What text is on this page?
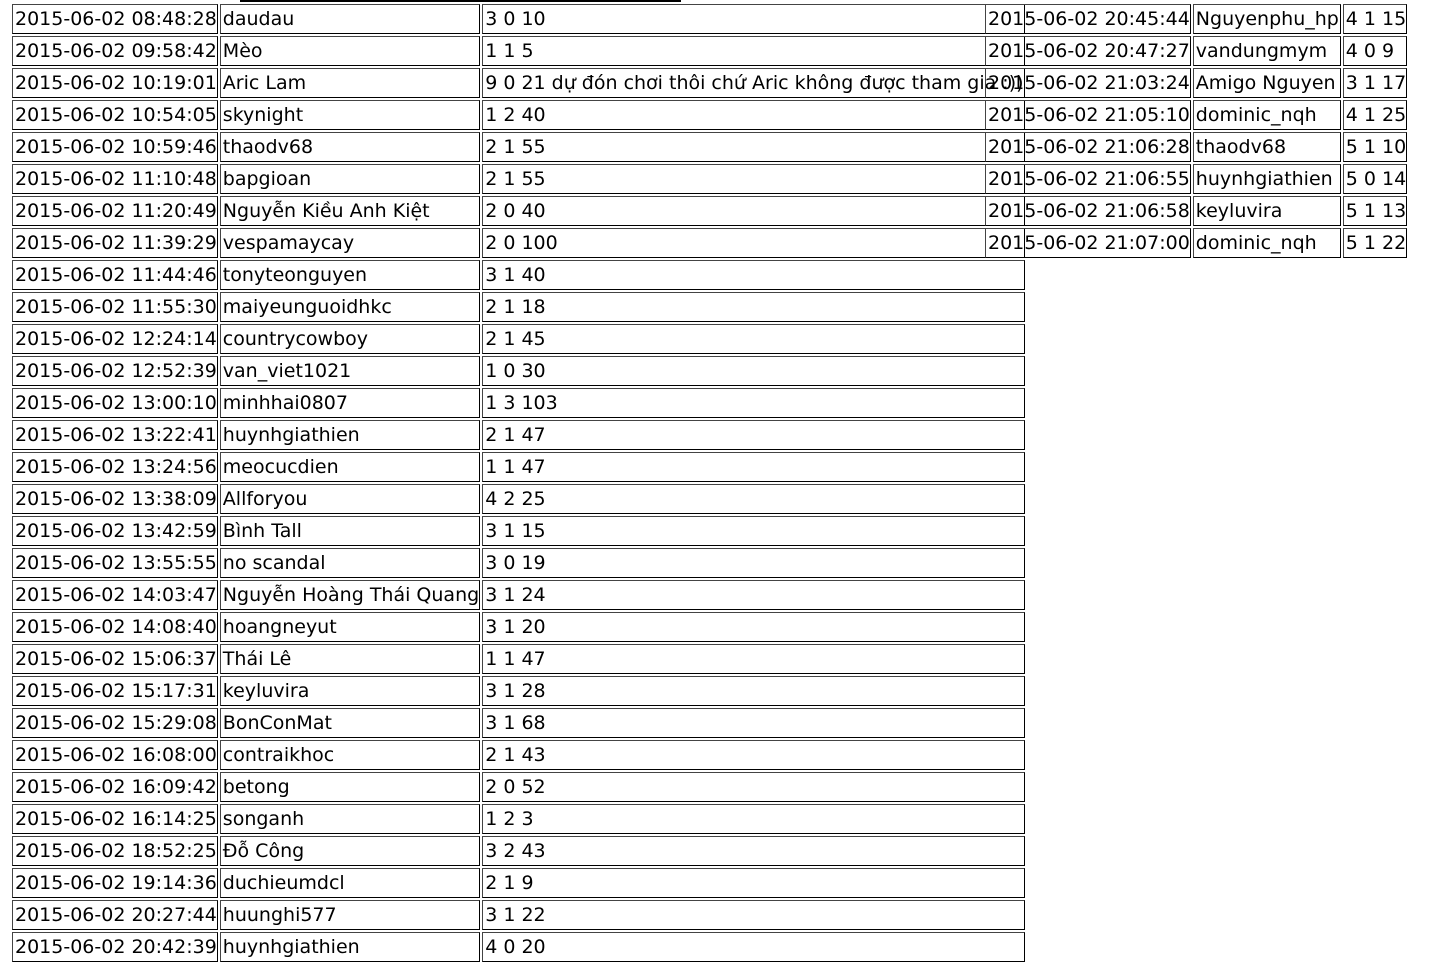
2015-06-02 08:48:28	daudau	3 0 10
2015-06-02 09:58:42	Mèo	1 1 5
2015-06-02 10:19:01	Aric Lam	9 0 21 dự đón chơi thôi chứ Aric không được tham gia :))
2015-06-02 10:54:05	skynight	1 2 40
2015-06-02 10:59:46	thaodv68	2 1 55
2015-06-02 11:10:48	bapgioan	2 1 55
2015-06-02 11:20:49	Nguyễn Kiều Anh Kiệt	2 0 40
2015-06-02 11:39:29	vespamaycay	2 0 100
2015-06-02 11:44:46	tonyteonguyen	3 1 40
2015-06-02 11:55:30	maiyeunguoidhkc	2 1 18
2015-06-02 12:24:14	countrycowboy	2 1 45
2015-06-02 12:52:39	van_viet1021	1 0 30
2015-06-02 13:00:10	minhhai0807	1 3 103
2015-06-02 13:22:41	huynhgiathien	2 1 47
2015-06-02 13:24:56	meocucdien	1 1 47
2015-06-02 13:38:09	Allforyou	4 2 25
2015-06-02 13:42:59	Bình Tall	3 1 15
2015-06-02 13:55:55	no scandal	3 0 19
2015-06-02 14:03:47	Nguyễn Hoàng Thái Quang	3 1 24
2015-06-02 14:08:40	hoangneyut	3 1 20
2015-06-02 15:06:37	Thái Lê	1 1 47
2015-06-02 15:17:31	keyluvira	3 1 28
2015-06-02 15:29:08	BonConMat	3 1 68
2015-06-02 16:08:00	contraikhoc	2 1 43
2015-06-02 16:09:42	betong	2 0 52
2015-06-02 16:14:25	songanh	1 2 3
2015-06-02 18:52:25	Đỗ Công	3 2 43
2015-06-02 19:14:36	duchieumdcl	2 1 9
2015-06-02 20:27:44	huunghi577	3 1 22
2015-06-02 20:42:39	huynhgiathien	4 0 20
2015-06-02 20:45:44	Nguyenphu_hp	4 1 15
2015-06-02 20:47:27	vandungmym	4 0 9
2015-06-02 21:03:24	Amigo Nguyen	3 1 17
2015-06-02 21:05:10	dominic_nqh	4 1 25
2015-06-02 21:06:28	thaodv68	5 1 10
2015-06-02 21:06:55	huynhgiathien	5 0 14
2015-06-02 21:06:58	keyluvira	5 1 13
2015-06-02 21:07:00	dominic_nqh	5 1 22
